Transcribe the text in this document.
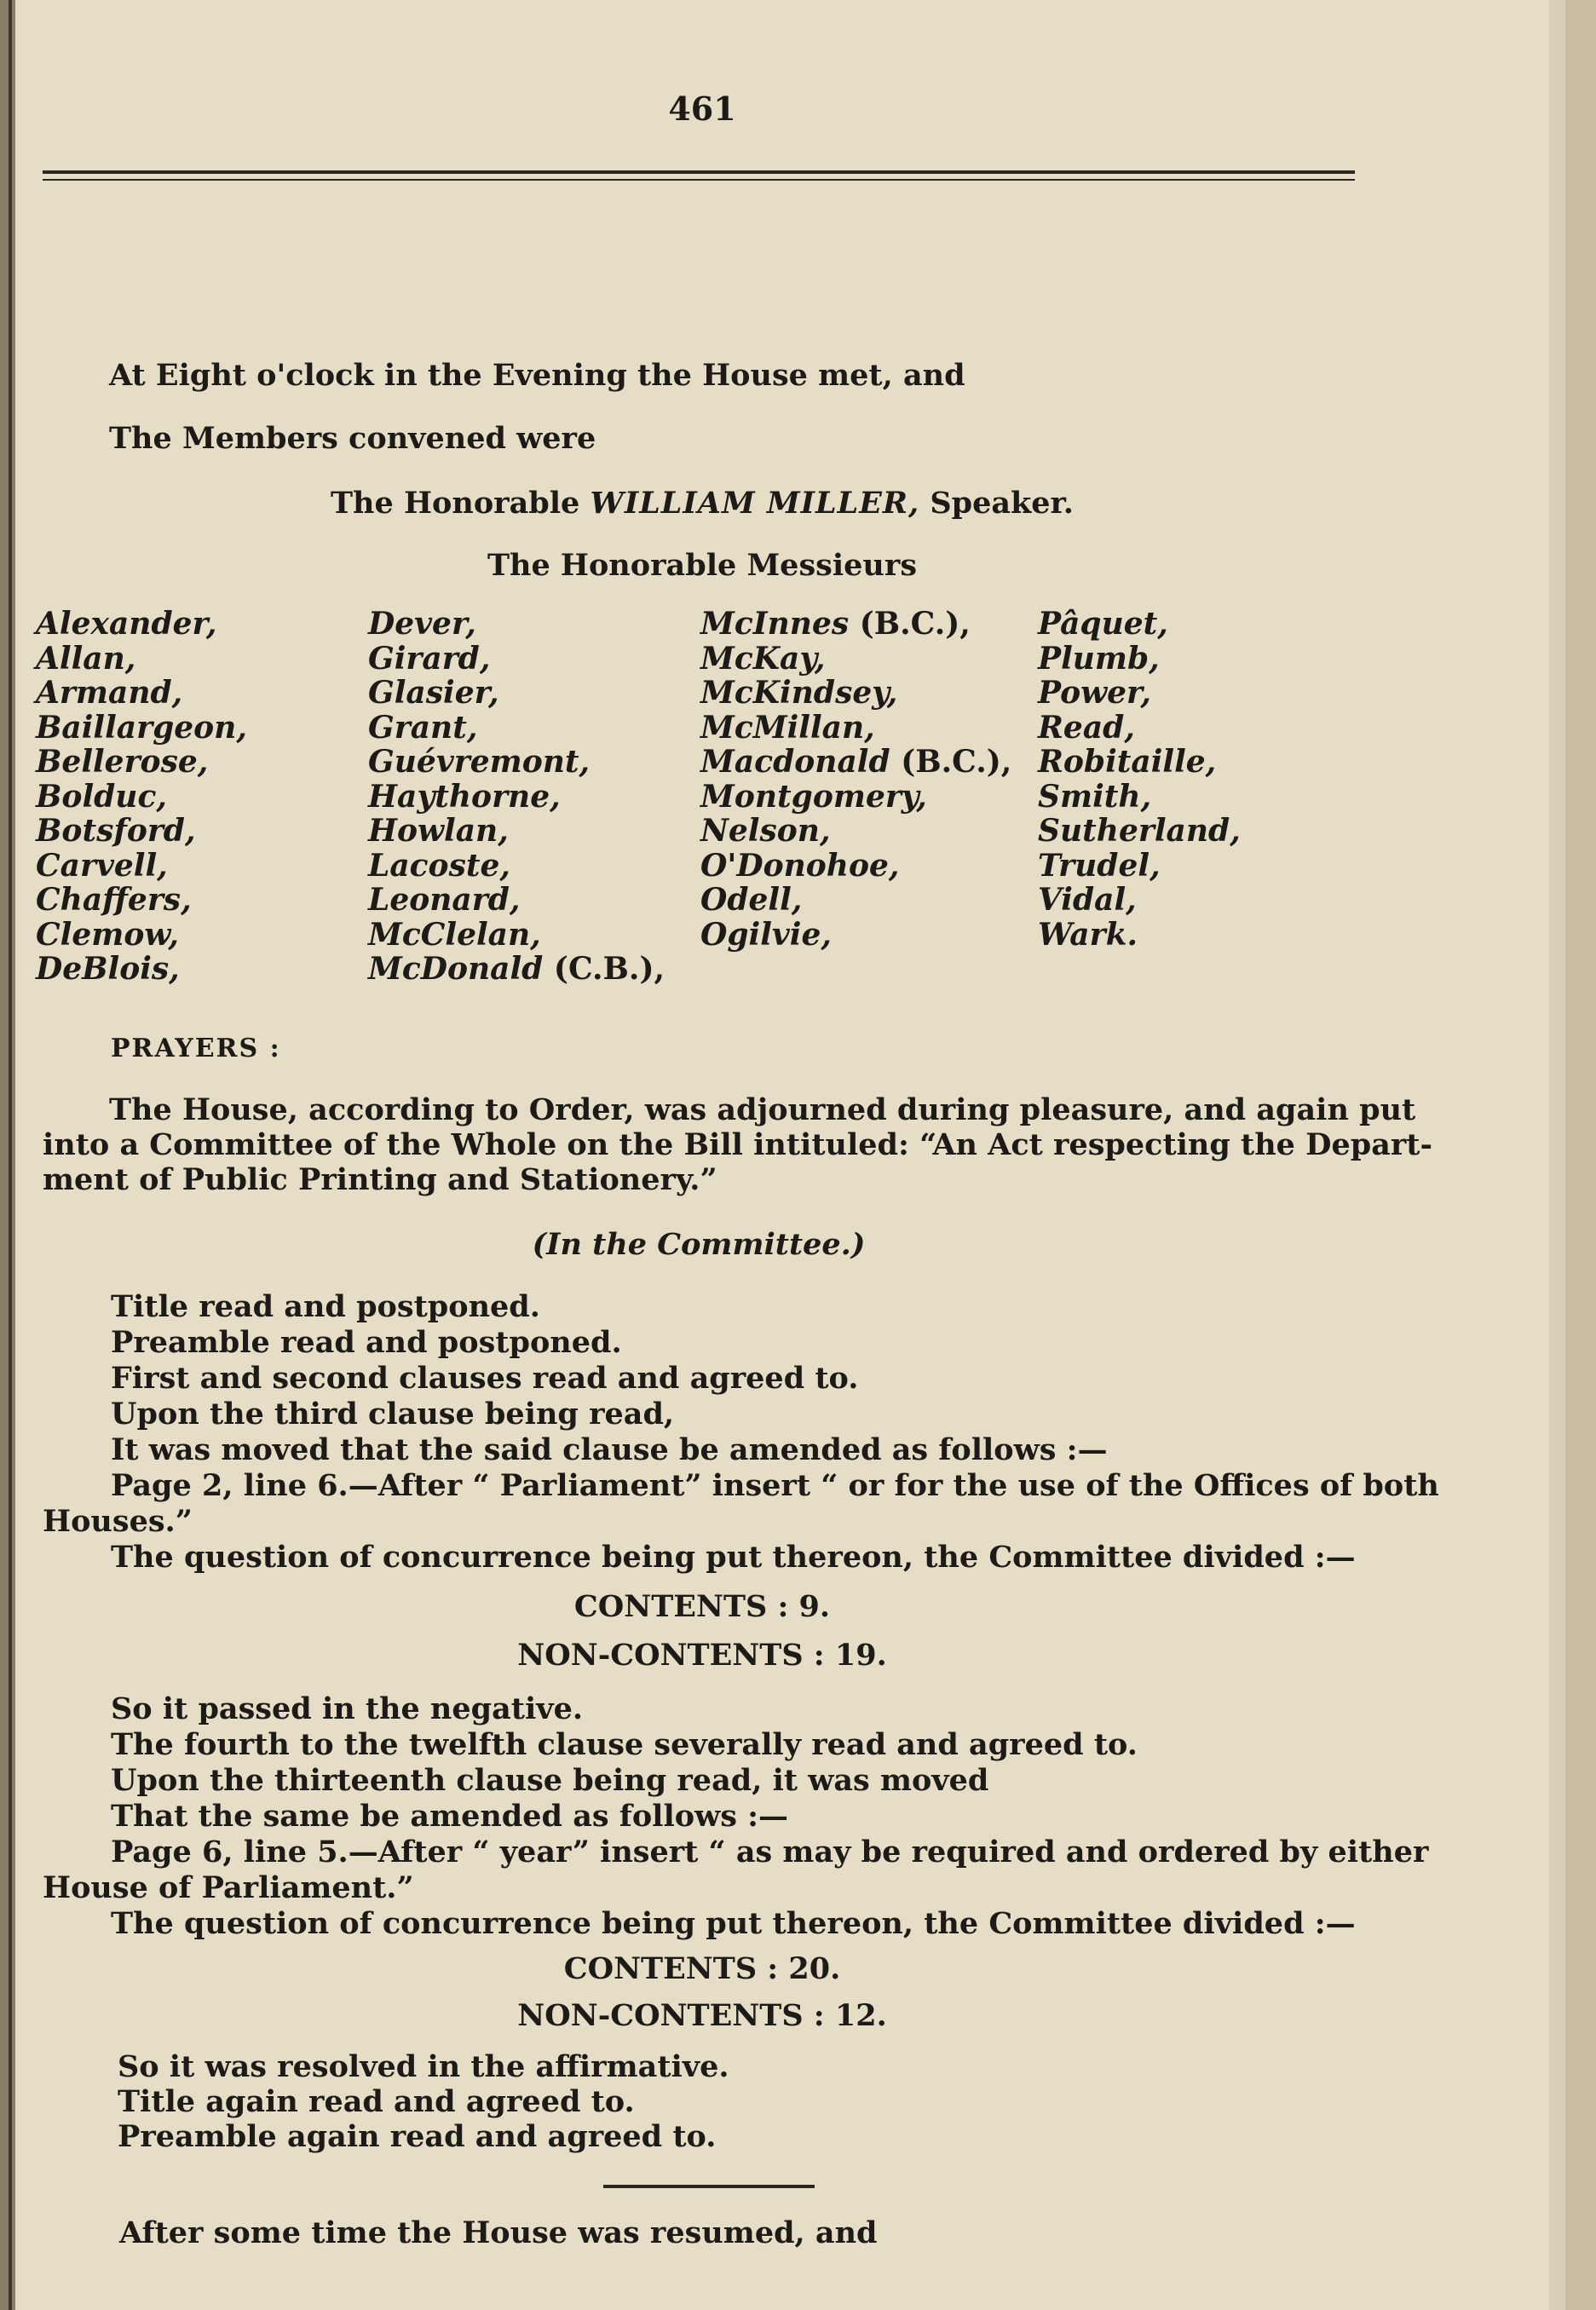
461
At Eight o'clock in the Evening the House met, and
The Members convened were
The Honorable WILLIAM MILLER, Speaker.
The Honorable Messieurs
Alexander,
Allan,
Armand,
Baillargeon,
Bellerose,
Bolduc,
Botsford,
Carvell,
Chaffers,
Clemow,
DeBlois,
Dever,
Girard,
Glasier,
Grant,
Guévremont,
Haythorne,
Howlan,
Lacoste,
Leonard,
McClelan,
McDonald (C.B.),
McInnes (B.C.),
McKay,
McKindsey,
McMillan,
Macdonald (B.C.),
Montgomery,
Nelson,
O'Donohoe,
Odell,
Ogilvie,
Pâquet,
Plumb,
Power,
Read,
Robitaille,
Smith,
Sutherland,
Trudel,
Vidal,
Wark.
PRAYERS :
The House, according to Order, was adjourned during pleasure, and again put
into a Committee of the Whole on the Bill intituled: “An Act respecting the Depart-
ment of Public Printing and Stationery.”
(In the Committee.)
Title read and postponed.
Preamble read and postponed.
First and second clauses read and agreed to.
Upon the third clause being read,
It was moved that the said clause be amended as follows :—
Page 2, line 6.—After “ Parliament” insert “ or for the use of the Offices of both
Houses.”
The question of concurrence being put thereon, the Committee divided :—
CONTENTS : 9.
NON-CONTENTS : 19.
So it passed in the negative.
The fourth to the twelfth clause severally read and agreed to.
Upon the thirteenth clause being read, it was moved
That the same be amended as follows :—
Page 6, line 5.—After “ year” insert “ as may be required and ordered by either
House of Parliament.”
The question of concurrence being put thereon, the Committee divided :—
CONTENTS : 20.
NON-CONTENTS : 12.
So it was resolved in the affirmative.
Title again read and agreed to.
Preamble again read and agreed to.
After some time the House was resumed, and
